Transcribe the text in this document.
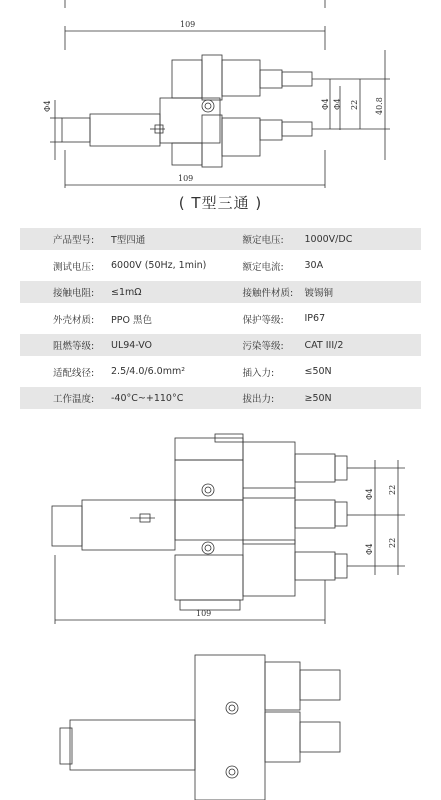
109
109
Φ4	Φ4 Φ4 22 40.8
( T型三通 )
产品型号:	T型四通	额定电压:	1000V/DC
测试电压:	6000V (50Hz, 1min)	额定电流:	30A
接触电阻:	≤1mΩ	接触件材质:	镀锡铜
外壳材质:	PPO 黑色	保护等级:	IP67
阻燃等级:	UL94-VO	污染等级:	CAT III/2
适配线径:	2.5/4.0/6.0mm²	插入力:	≤50N
工作温度:	-40°C~+110°C	拔出力:	≥50N
Φ4 22
Φ4
22
109
